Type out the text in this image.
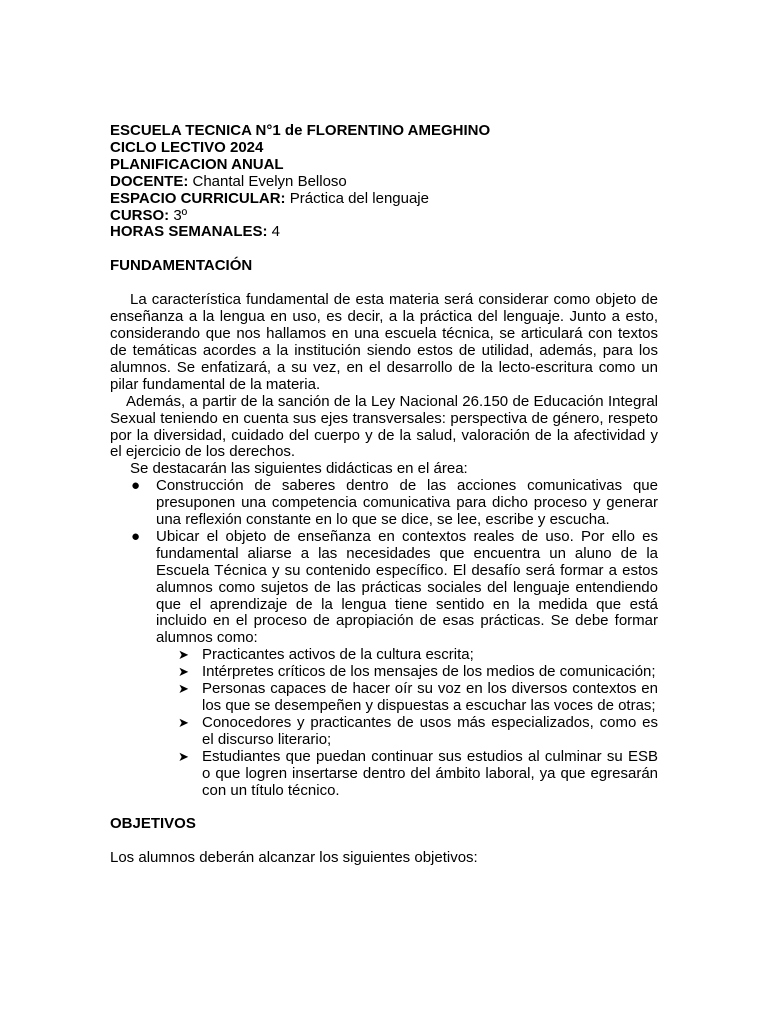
ESCUELA TECNICA N°1 de FLORENTINO AMEGHINO

CICLO LECTIVO 2024

PLANIFICACION ANUAL

DOCENTE: Chantal Evelyn Belloso

ESPACIO CURRICULAR: Práctica del lenguaje

CURSO: 3º

HORAS SEMANALES: 4

FUNDAMENTACIÓN

La característica fundamental de esta materia será considerar como objeto de enseñanza a la lengua en uso, es decir, a la práctica del lenguaje. Junto a esto, considerando que nos hallamos en una escuela técnica, se articulará con textos de temáticas acordes a la institución siendo estos de utilidad, además, para los alumnos. Se enfatizará, a su vez, en el desarrollo de la lecto-escritura como un pilar fundamental de la materia.

Además, a partir de la sanción de la Ley Nacional 26.150 de Educación Integral Sexual teniendo en cuenta sus ejes transversales: perspectiva de género, respeto por la diversidad, cuidado del cuerpo y de la salud, valoración de la afectividad y el ejercicio de los derechos.

Se destacarán las siguientes didácticas en el área:

● Construcción de saberes dentro de las acciones comunicativas que presuponen una competencia comunicativa para dicho proceso y generar una reflexión constante en lo que se dice, se lee, escribe y escucha.
● Ubicar el objeto de enseñanza en contextos reales de uso. Por ello es fundamental aliarse a las necesidades que encuentra un aluno de la Escuela Técnica y su contenido específico. El desafío será formar a estos alumnos como sujetos de las prácticas sociales del lenguaje entendiendo que el aprendizaje de la lengua tiene sentido en la medida que está incluido en el proceso de apropiación de esas prácticas. Se debe formar alumnos como:
➤ Practicantes activos de la cultura escrita;
➤ Intérpretes críticos de los mensajes de los medios de comunicación;
➤ Personas capaces de hacer oír su voz en los diversos contextos en los que se desempeñen y dispuestas a escuchar las voces de otras;
➤ Conocedores y practicantes de usos más especializados, como es el discurso literario;
➤ Estudiantes que puedan continuar sus estudios al culminar su ESB o que logren insertarse dentro del ámbito laboral, ya que egresarán con un título técnico.

OBJETIVOS

Los alumnos deberán alcanzar los siguientes objetivos:
